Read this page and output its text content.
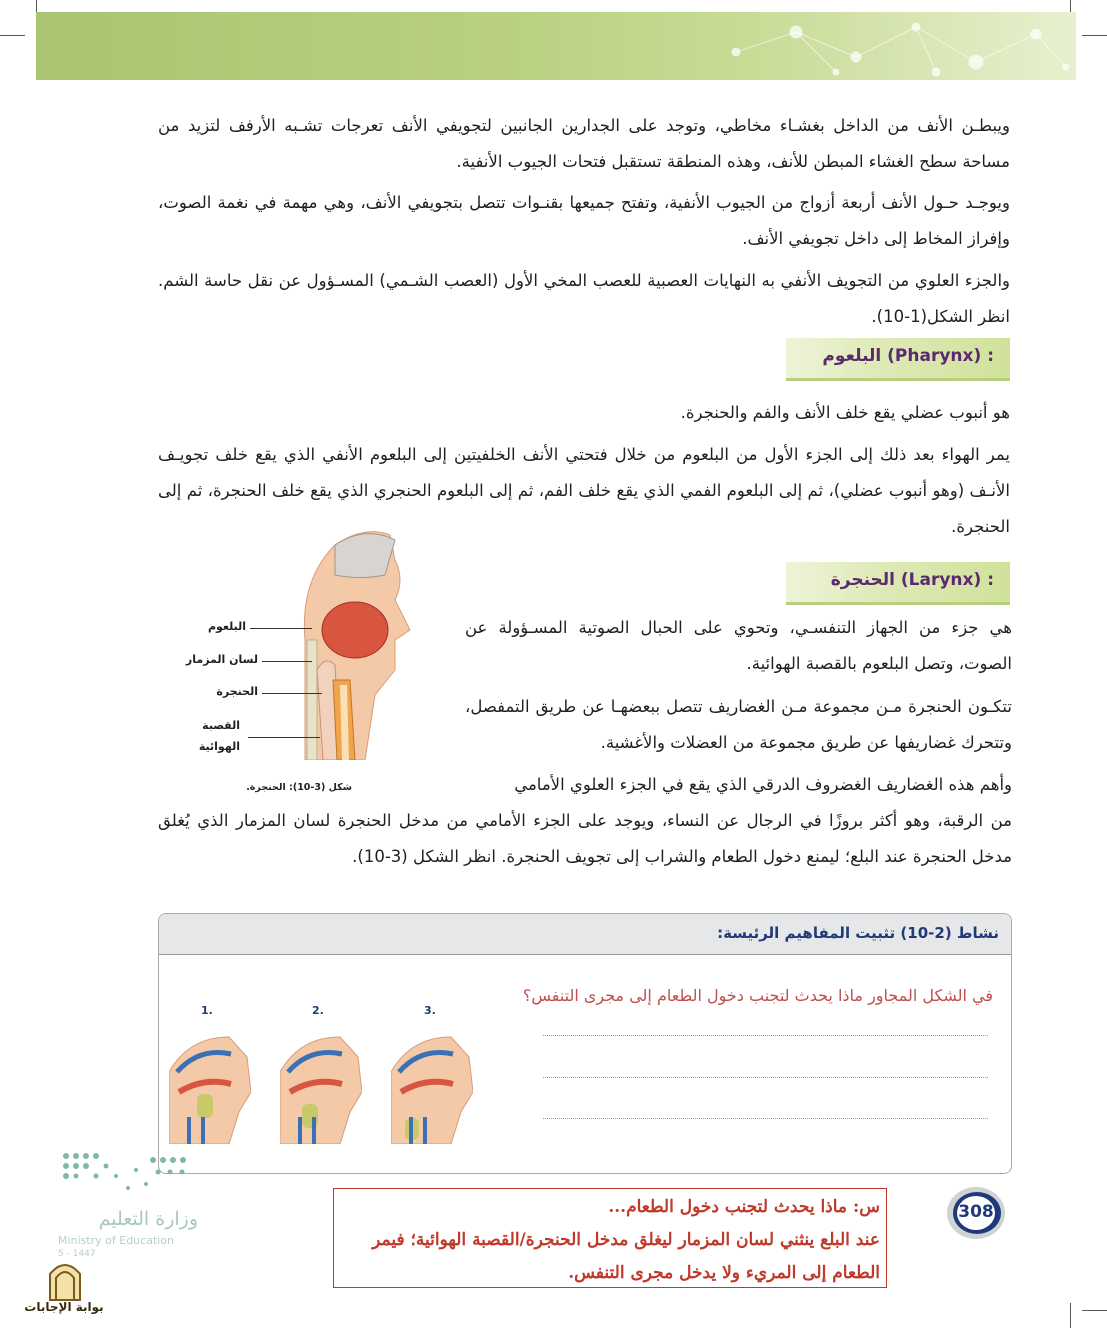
ويبطـن الأنف من الداخل بغشـاء مخاطي، وتوجد على الجدارين الجانبين لتجويفي الأنف تعرجات تشـبه الأرفف لتزيد من مساحة سطح الغشاء المبطن للأنف، وهذه المنطقة تستقبل فتحات الجيوب الأنفية.
ويوجـد حـول الأنف أربعة أزواج من الجيوب الأنفية، وتفتح جميعها بقنـوات تتصل بتجويفي الأنف، وهي مهمة في نغمة الصوت، وإفراز المخاط إلى داخل تجويفي الأنف.
والجزء العلوي من التجويف الأنفي به النهايات العصبية للعصب المخي الأول (العصب الشـمي) المسـؤول عن نقل حاسة الشم. انظر الشكل(1-10).
: (Pharynx) البلعوم
هو أنبوب عضلي يقع خلف الأنف والفم والحنجرة.
يمر الهواء بعد ذلك إلى الجزء الأول من البلعوم من خلال فتحتي الأنف الخلفيتين إلى البلعوم الأنفي الذي يقع خلف تجويـف الأنـف (وهو أنبوب عضلي)، ثم إلى البلعوم الفمي الذي يقع خلف الفم، ثم إلى البلعوم الحنجري الذي يقع خلف الحنجرة، ثم إلى الحنجرة.
: (Larynx) الحنجرة
هي جزء من الجهاز التنفسـي، وتحوي على الحبال الصوتية المسـؤولة عن الصوت، وتصل البلعوم بالقصبة الهوائية.
تتكـون الحنجرة مـن مجموعة مـن الغضاريف تتصل ببعضهـا عن طريق التمفصل، وتتحرك غضاريفها عن طريق مجموعة من العضلات والأغشية.
وأهم هذه الغضاريف الغضروف الدرقي الذي يقع في الجزء العلوي الأمامي
من الرقبة، وهو أكثر بروزًا في الرجال عن النساء، ويوجد على الجزء الأمامي من مدخل الحنجرة لسان المزمار الذي يُغلق مدخل الحنجرة عند البلع؛ ليمنع دخول الطعام والشراب إلى تجويف الحنجرة. انظر الشكل (3-10).
البلعوم
لسان المزمار
الحنجرة
القصبة
الهوائية
شكل (3-10): الحنجرة.
نشاط (2-10) تثبيت المفاهيم الرئيسة:
في الشكل المجاور ماذا يحدث لتجنب دخول الطعام إلى مجرى التنفس؟
1.	2.	3.
وزارة التعليم
Ministry of Education
5 - 1447
بوابة الإجابات
س: ماذا يحدث لتجنب دخول الطعام...
عند البلع ينثني لسان المزمار ليغلق مدخل الحنجرة/القصبة الهوائية؛ فيمر الطعام إلى المريء ولا يدخل مجرى التنفس.
308
